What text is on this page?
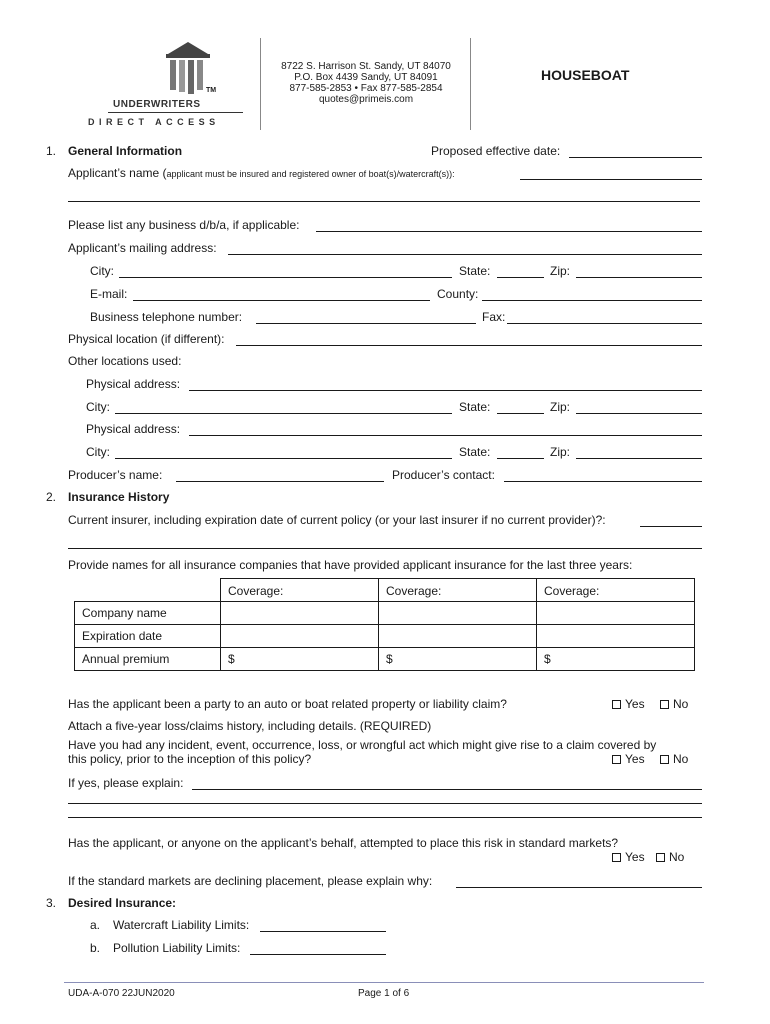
TM
UNDERWRITERS
DIRECT ACCESS
8722 S. Harrison St. Sandy, UT 84070
P.O. Box 4439 Sandy, UT 84091
877-585-2853 • Fax 877-585-2854
quotes@primeis.com
HOUSEBOAT
1. General Information	Proposed effective date:
Applicant’s name (applicant must be insured and registered owner of boat(s)/watercraft(s)):
Please list any business d/b/a, if applicable:
Applicant’s mailing address:
City:	State:	Zip:
E-mail:	County:
Business telephone number:	Fax:
Physical location (if different):
Other locations used:
Physical address:
City:	State:	Zip:
Physical address:
City:	State:	Zip:
Producer’s name:	Producer’s contact:
2. Insurance History
Current insurer, including expiration date of current policy (or your last insurer if no current provider)?:
Provide names for all insurance companies that have provided applicant insurance for the last three years:
	Coverage:	Coverage:	Coverage:
Company name			
Expiration date			
Annual premium	$	$	$
Has the applicant been a party to an auto or boat related property or liability claim?	Yes	No
Attach a five-year loss/claims history, including details. (REQUIRED)
Have you had any incident, event, occurrence, loss, or wrongful act which might give rise to a claim covered by
this policy, prior to the inception of this policy?	Yes	No
If yes, please explain:
Has the applicant, or anyone on the applicant’s behalf, attempted to place this risk in standard markets?
Yes	No
If the standard markets are declining placement, please explain why:
3. Desired Insurance:
a. Watercraft Liability Limits:
b. Pollution Liability Limits:
UDA-A-070 22JUN2020	Page 1 of 6
